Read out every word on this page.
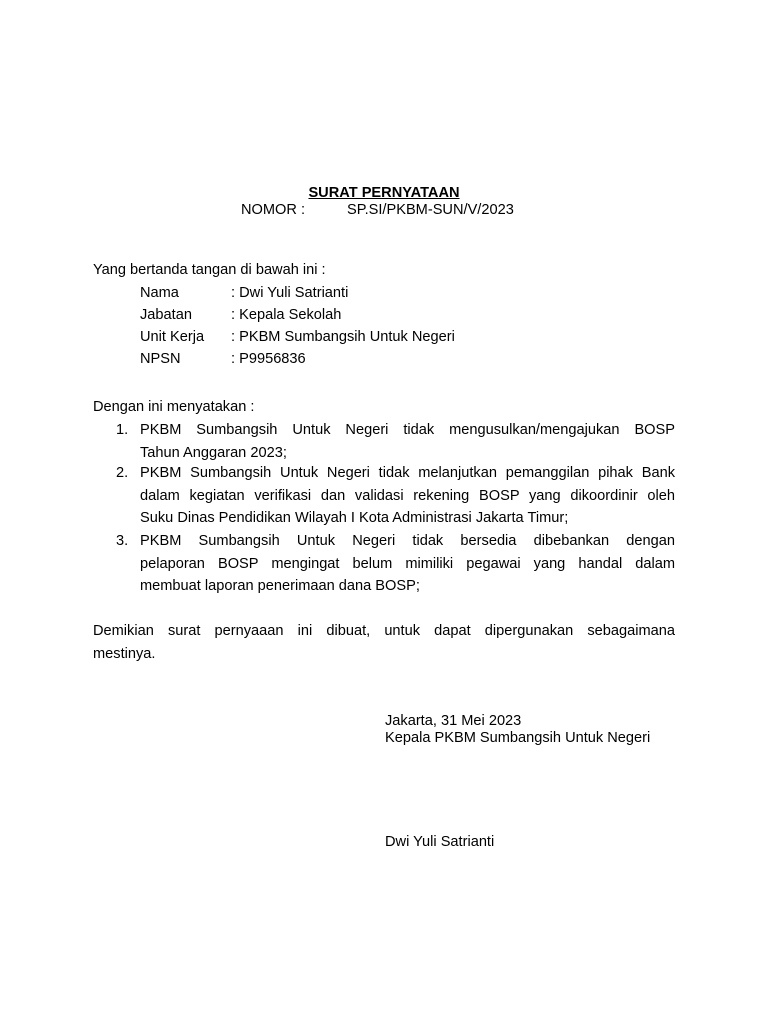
SURAT PERNYATAAN
NOMOR :	SP.SI/PKBM-SUN/V/2023
Yang bertanda tangan di bawah ini :
Nama	: Dwi Yuli Satrianti
Jabatan	: Kepala Sekolah
Unit Kerja : PKBM Sumbangsih Untuk Negeri
NPSN	: P9956836
Dengan ini menyatakan :
1. PKBM Sumbangsih Untuk Negeri tidak mengusulkan/mengajukan BOSP
Tahun Anggaran 2023;
2. PKBM Sumbangsih Untuk Negeri tidak melanjutkan pemanggilan pihak Bank
dalam kegiatan verifikasi dan validasi rekening BOSP yang dikoordinir oleh
Suku Dinas Pendidikan Wilayah I Kota Administrasi Jakarta Timur;
3. PKBM Sumbangsih Untuk Negeri tidak bersedia dibebankan dengan
pelaporan BOSP mengingat belum mimiliki pegawai yang handal dalam
membuat laporan penerimaan dana BOSP;
Demikian surat pernyaaan ini dibuat, untuk dapat dipergunakan sebagaimana
mestinya.
Jakarta, 31 Mei 2023
Kepala PKBM Sumbangsih Untuk Negeri
Dwi Yuli Satrianti
